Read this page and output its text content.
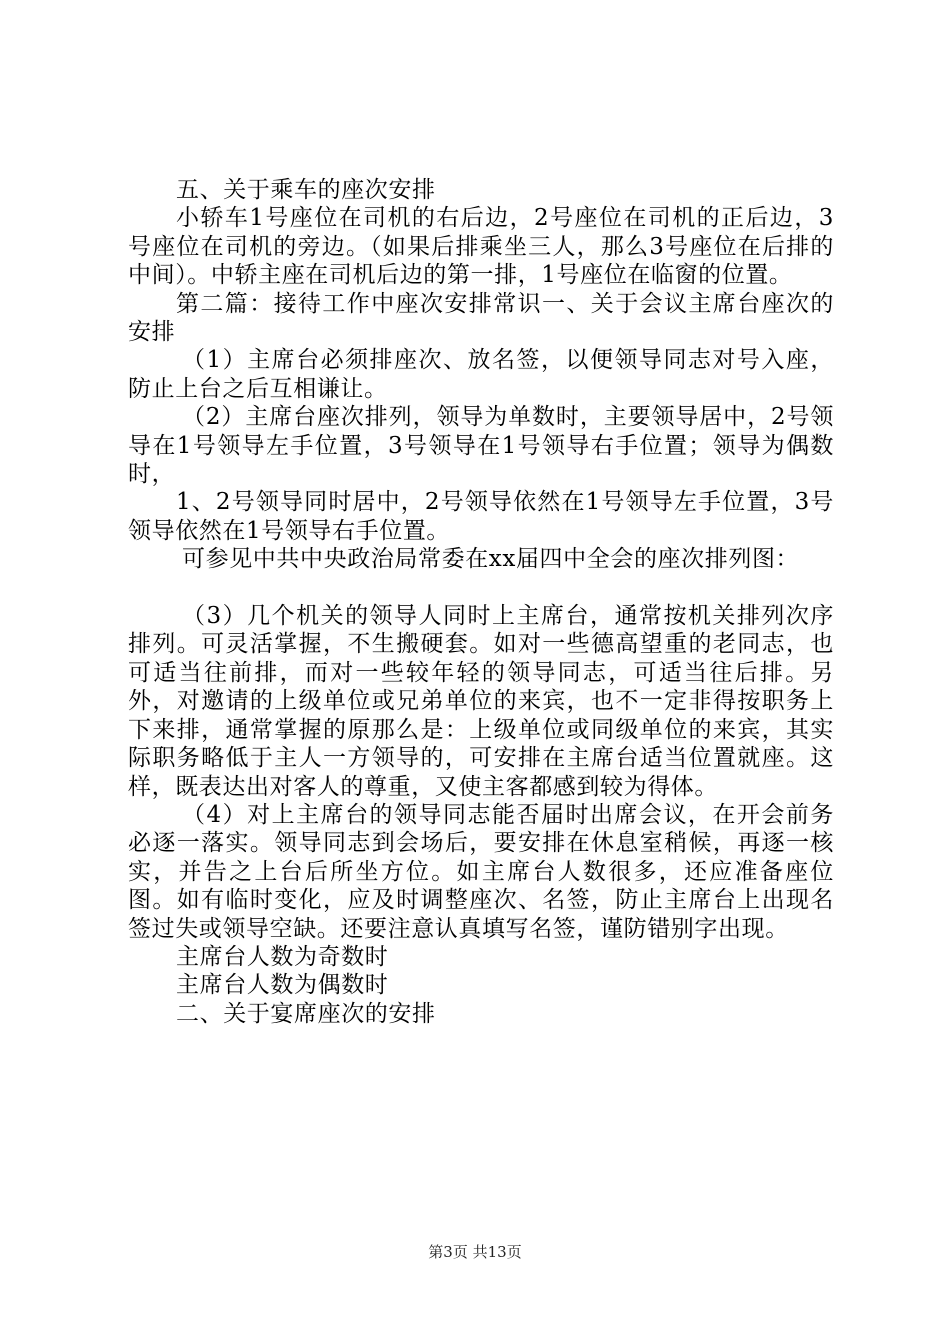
五、关于乘车的座次安排

小轿车1号座位在司机的右后边，2号座位在司机的正后边，3号座位在司机的旁边。（如果后排乘坐三人，那么3号座位在后排的中间）。中轿主座在司机后边的第一排，1号座位在临窗的位置。

第二篇：接待工作中座次安排常识一、关于会议主席台座次的安排

（1）主席台必须排座次、放名签，以便领导同志对号入座，防止上台之后互相谦让。

（2）主席台座次排列，领导为单数时，主要领导居中，2号领导在1号领导左手位置，3号领导在1号领导右手位置；领导为偶数时，

1、2号领导同时居中，2号领导依然在1号领导左手位置，3号领导依然在1号领导右手位置。

可参见中共中央政治局常委在xx届四中全会的座次排列图：

（3）几个机关的领导人同时上主席台，通常按机关排列次序排列。可灵活掌握，不生搬硬套。如对一些德高望重的老同志，也可适当往前排，而对一些较年轻的领导同志，可适当往后排。另外，对邀请的上级单位或兄弟单位的来宾，也不一定非得按职务上下来排，通常掌握的原那么是：上级单位或同级单位的来宾，其实际职务略低于主人一方领导的，可安排在主席台适当位置就座。这样，既表达出对客人的尊重，又使主客都感到较为得体。

（4）对上主席台的领导同志能否届时出席会议，在开会前务必逐一落实。领导同志到会场后，要安排在休息室稍候，再逐一核实，并告之上台后所坐方位。如主席台人数很多，还应准备座位图。如有临时变化，应及时调整座次、名签，防止主席台上出现名签过失或领导空缺。还要注意认真填写名签，谨防错别字出现。

主席台人数为奇数时

主席台人数为偶数时

二、关于宴席座次的安排

第3页 共13页
